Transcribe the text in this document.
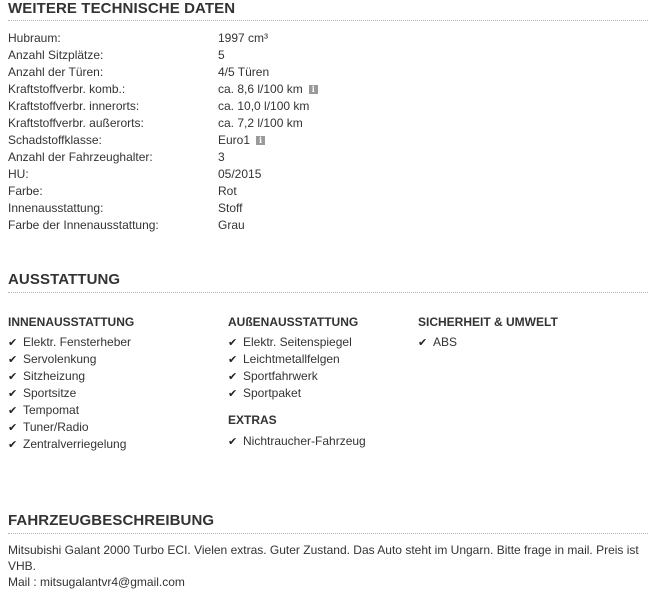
WEITERE TECHNISCHE DATEN
Hubraum:	1997 cm³
Anzahl Sitzplätze:	5
Anzahl der Türen:	4/5 Türen
Kraftstoffverbr. komb.:	ca. 8,6 l/100 km i
Kraftstoffverbr. innerorts:	ca. 10,0 l/100 km
Kraftstoffverbr. außerorts:	ca. 7,2 l/100 km
Schadstoffklasse:	Euro1 i
Anzahl der Fahrzeughalter:	3
HU:	05/2015
Farbe:	Rot
Innenausstattung:	Stoff
Farbe der Innenausstattung:	Grau
AUSSTATTUNG
INNENAUSSTATTUNG
✔ Elektr. Fensterheber
✔ Servolenkung
✔ Sitzheizung
✔ Sportsitze
✔ Tempomat
✔ Tuner/Radio
✔ Zentralverriegelung
AUßENAUSSTATTUNG
✔ Elektr. Seitenspiegel
✔ Leichtmetallfelgen
✔ Sportfahrwerk
✔ Sportpaket
EXTRAS
✔ Nichtraucher-Fahrzeug
SICHERHEIT & UMWELT
✔ ABS
FAHRZEUGBESCHREIBUNG
Mitsubishi Galant 2000 Turbo ECI. Vielen extras. Guter Zustand. Das Auto steht im Ungarn. Bitte frage in mail. Preis ist VHB.
Mail : mitsugalantvr4@gmail.com
